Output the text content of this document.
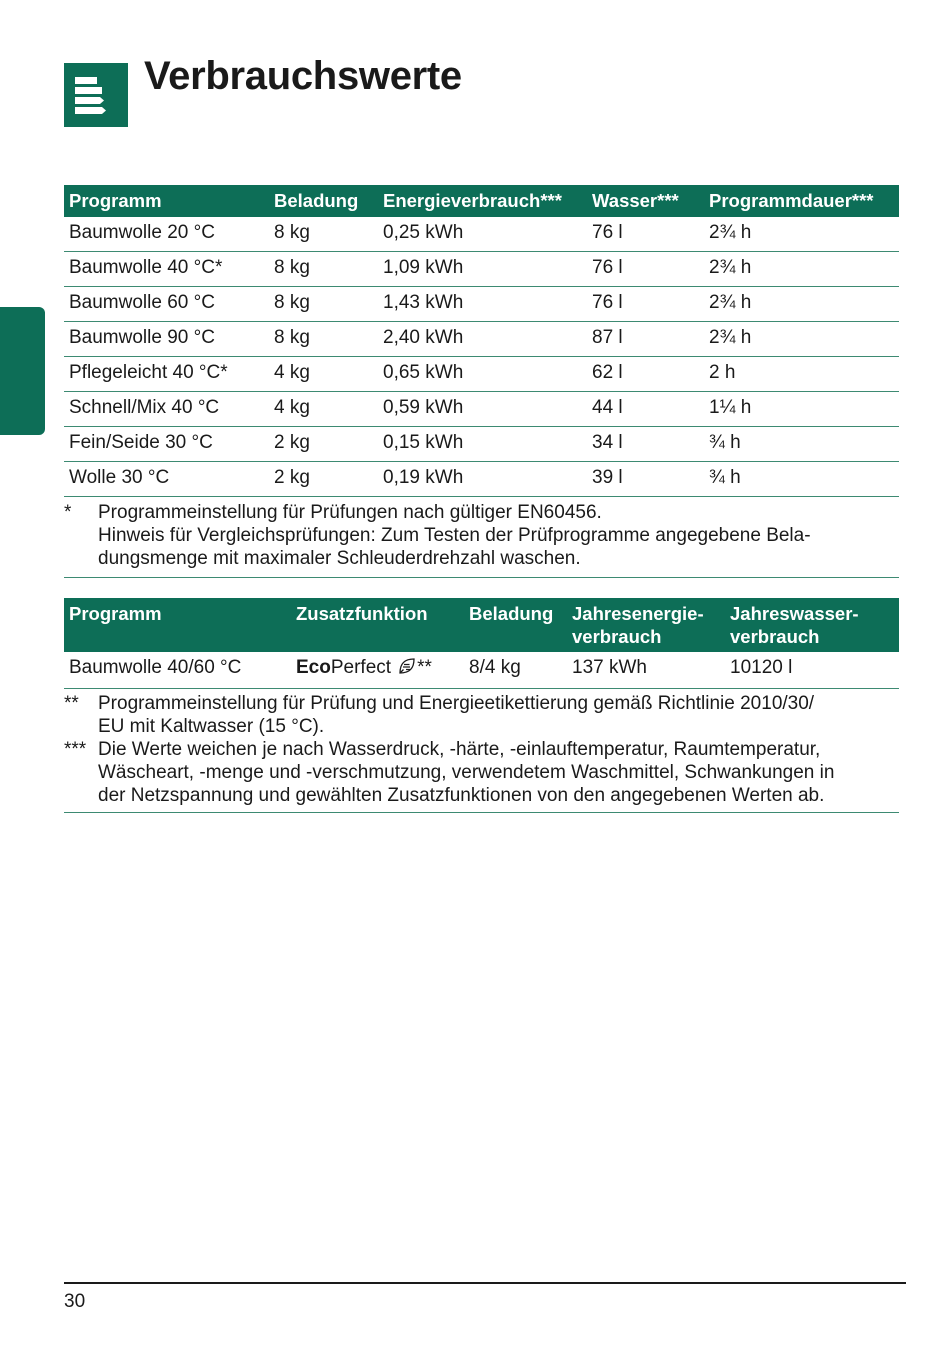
Verbrauchswerte
Programm	Beladung	Energieverbrauch***	Wasser***	Programmdauer***
Baumwolle 20 °C	8 kg	0,25 kWh	76 l	2¾ h
Baumwolle 40 °C*	8 kg	1,09 kWh	76 l	2¾ h
Baumwolle 60 °C	8 kg	1,43 kWh	76 l	2¾ h
Baumwolle 90 °C	8 kg	2,40 kWh	87 l	2¾ h
Pflegeleicht 40 °C*	4 kg	0,65 kWh	62 l	2 h
Schnell/Mix 40 °C	4 kg	0,59 kWh	44 l	1¼ h
Fein/Seide 30 °C	2 kg	0,15 kWh	34 l	¾ h
Wolle 30 °C	2 kg	0,19 kWh	39 l	¾ h
*	Programmeinstellung für Prüfungen nach gültiger EN60456.
Hinweis für Vergleichsprüfungen: Zum Testen der Prüfprogramme angegebene Bela-
dungsmenge mit maximaler Schleuderdrehzahl waschen.
Programm	Zusatzfunktion	Beladung	Jahresenergie-
verbrauch	Jahreswasser-
verbrauch
Baumwolle 40/60 °C	EcoPerfect **	8/4 kg	137 kWh	10120 l
**	Programmeinstellung für Prüfung und Energieetikettierung gemäß Richtlinie 2010/30/
EU mit Kaltwasser (15 °C).
*** Die Werte weichen je nach Wasserdruck, -härte, -einlauftemperatur, Raumtemperatur,
Wäscheart, -menge und -verschmutzung, verwendetem Waschmittel, Schwankungen in
der Netzspannung und gewählten Zusatzfunktionen von den angegebenen Werten ab.
30
